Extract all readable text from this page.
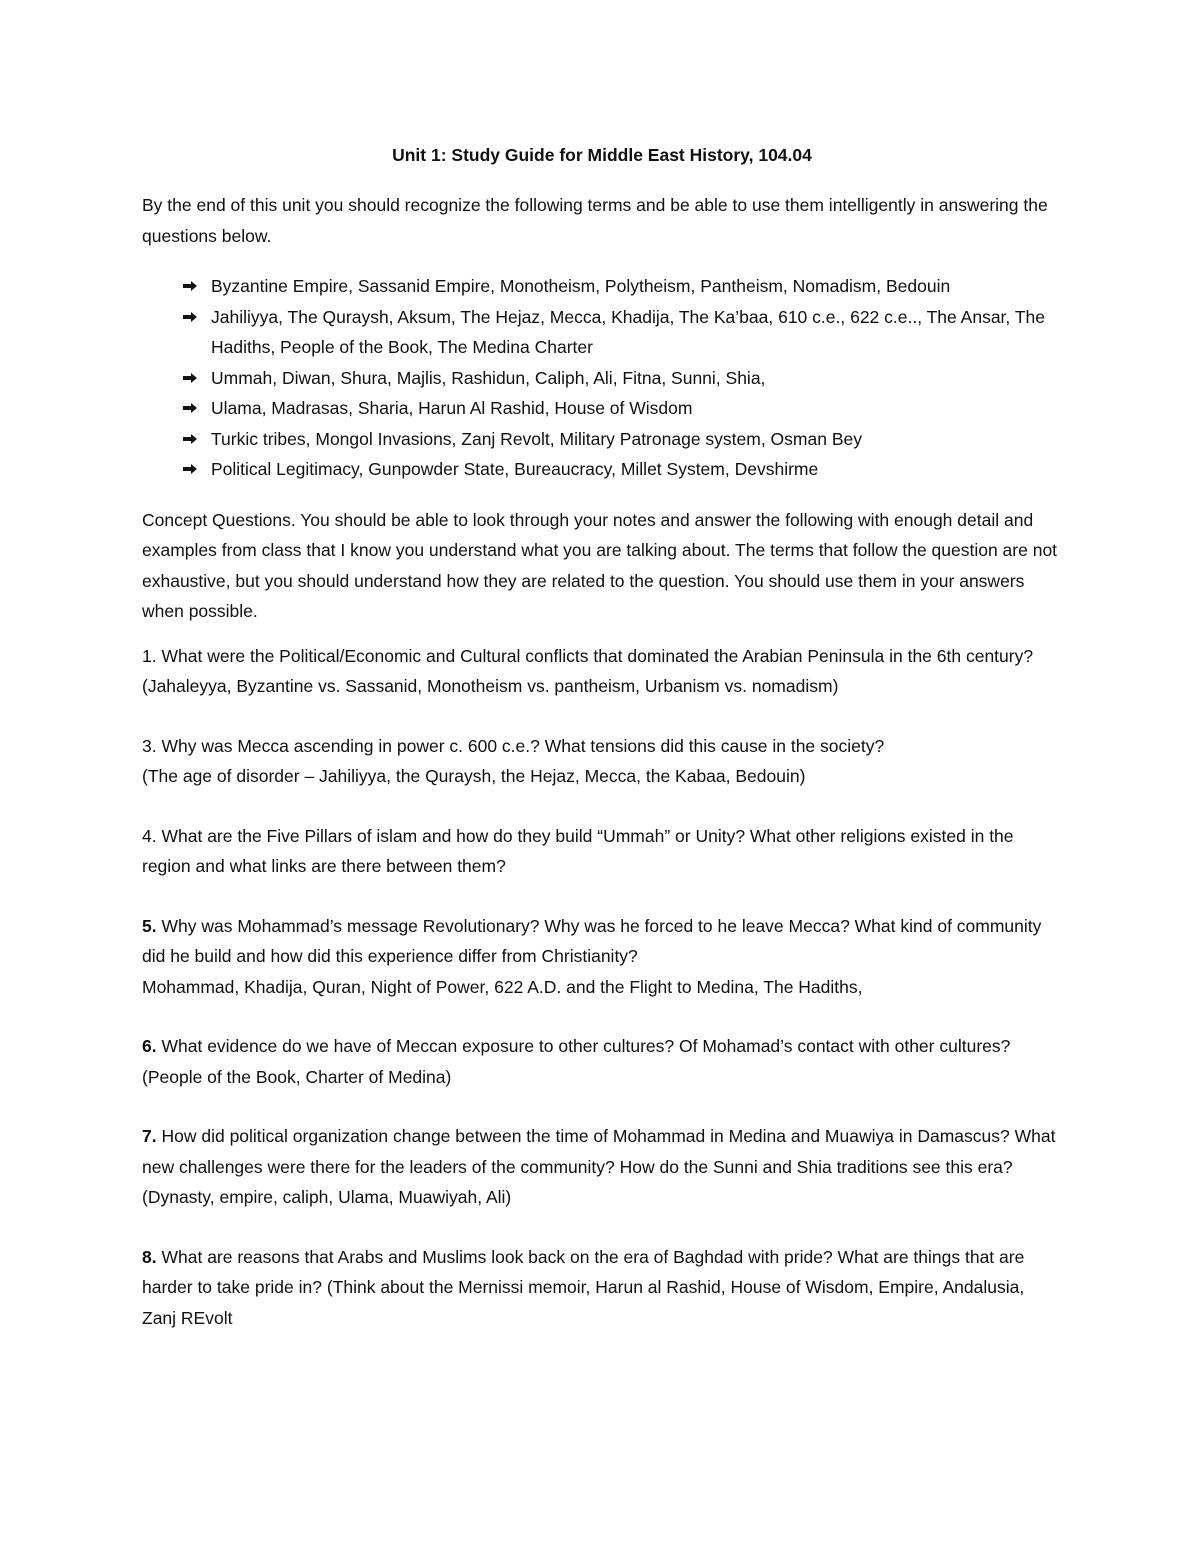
Unit 1: Study Guide for Middle East History, 104.04
By the end of this unit you should recognize the following terms and be able to use them intelligently in answering the questions below.
Byzantine Empire, Sassanid Empire, Monotheism, Polytheism, Pantheism, Nomadism, Bedouin
Jahiliyya, The Quraysh, Aksum, The Hejaz, Mecca, Khadija, The Ka’baa, 610 c.e., 622 c.e.., The Ansar, The Hadiths, People of the Book, The Medina Charter
Ummah, Diwan, Shura, Majlis, Rashidun, Caliph, Ali, Fitna, Sunni, Shia,
Ulama, Madrasas, Sharia, Harun Al Rashid, House of Wisdom
Turkic tribes, Mongol Invasions, Zanj Revolt, Military Patronage system, Osman Bey
Political Legitimacy, Gunpowder State, Bureaucracy, Millet System, Devshirme
Concept Questions. You should be able to look through your notes and answer the following with enough detail and examples from class that I know you understand what you are talking about. The terms that follow the question are not exhaustive, but you should understand how they are related to the question. You should use them in your answers when possible.
1. What were the Political/Economic and Cultural conflicts that dominated the Arabian Peninsula in the 6th century? (Jahaleyya, Byzantine vs. Sassanid, Monotheism vs. pantheism, Urbanism vs. nomadism)
3. Why was Mecca ascending in power c. 600 c.e.? What tensions did this cause in the society?
(The age of disorder – Jahiliyya, the Quraysh, the Hejaz, Mecca, the Kabaa, Bedouin)
4. What are the Five Pillars of islam and how do they build “Ummah” or Unity? What other religions existed in the region and what links are there between them?
5. Why was Mohammad’s message Revolutionary? Why was he forced to he leave Mecca? What kind of community did he build and how did this experience differ from Christianity?
Mohammad, Khadija, Quran, Night of Power, 622 A.D. and the Flight to Medina, The Hadiths,
6. What evidence do we have of Meccan exposure to other cultures? Of Mohamad’s contact with other cultures? (People of the Book, Charter of Medina)
7. How did political organization change between the time of Mohammad in Medina and Muawiya in Damascus? What new challenges were there for the leaders of the community? How do the Sunni and Shia traditions see this era? (Dynasty, empire, caliph, Ulama, Muawiyah, Ali)
8. What are reasons that Arabs and Muslims look back on the era of Baghdad with pride? What are things that are harder to take pride in? (Think about the Mernissi memoir, Harun al Rashid, House of Wisdom, Empire, Andalusia, Zanj REvolt
